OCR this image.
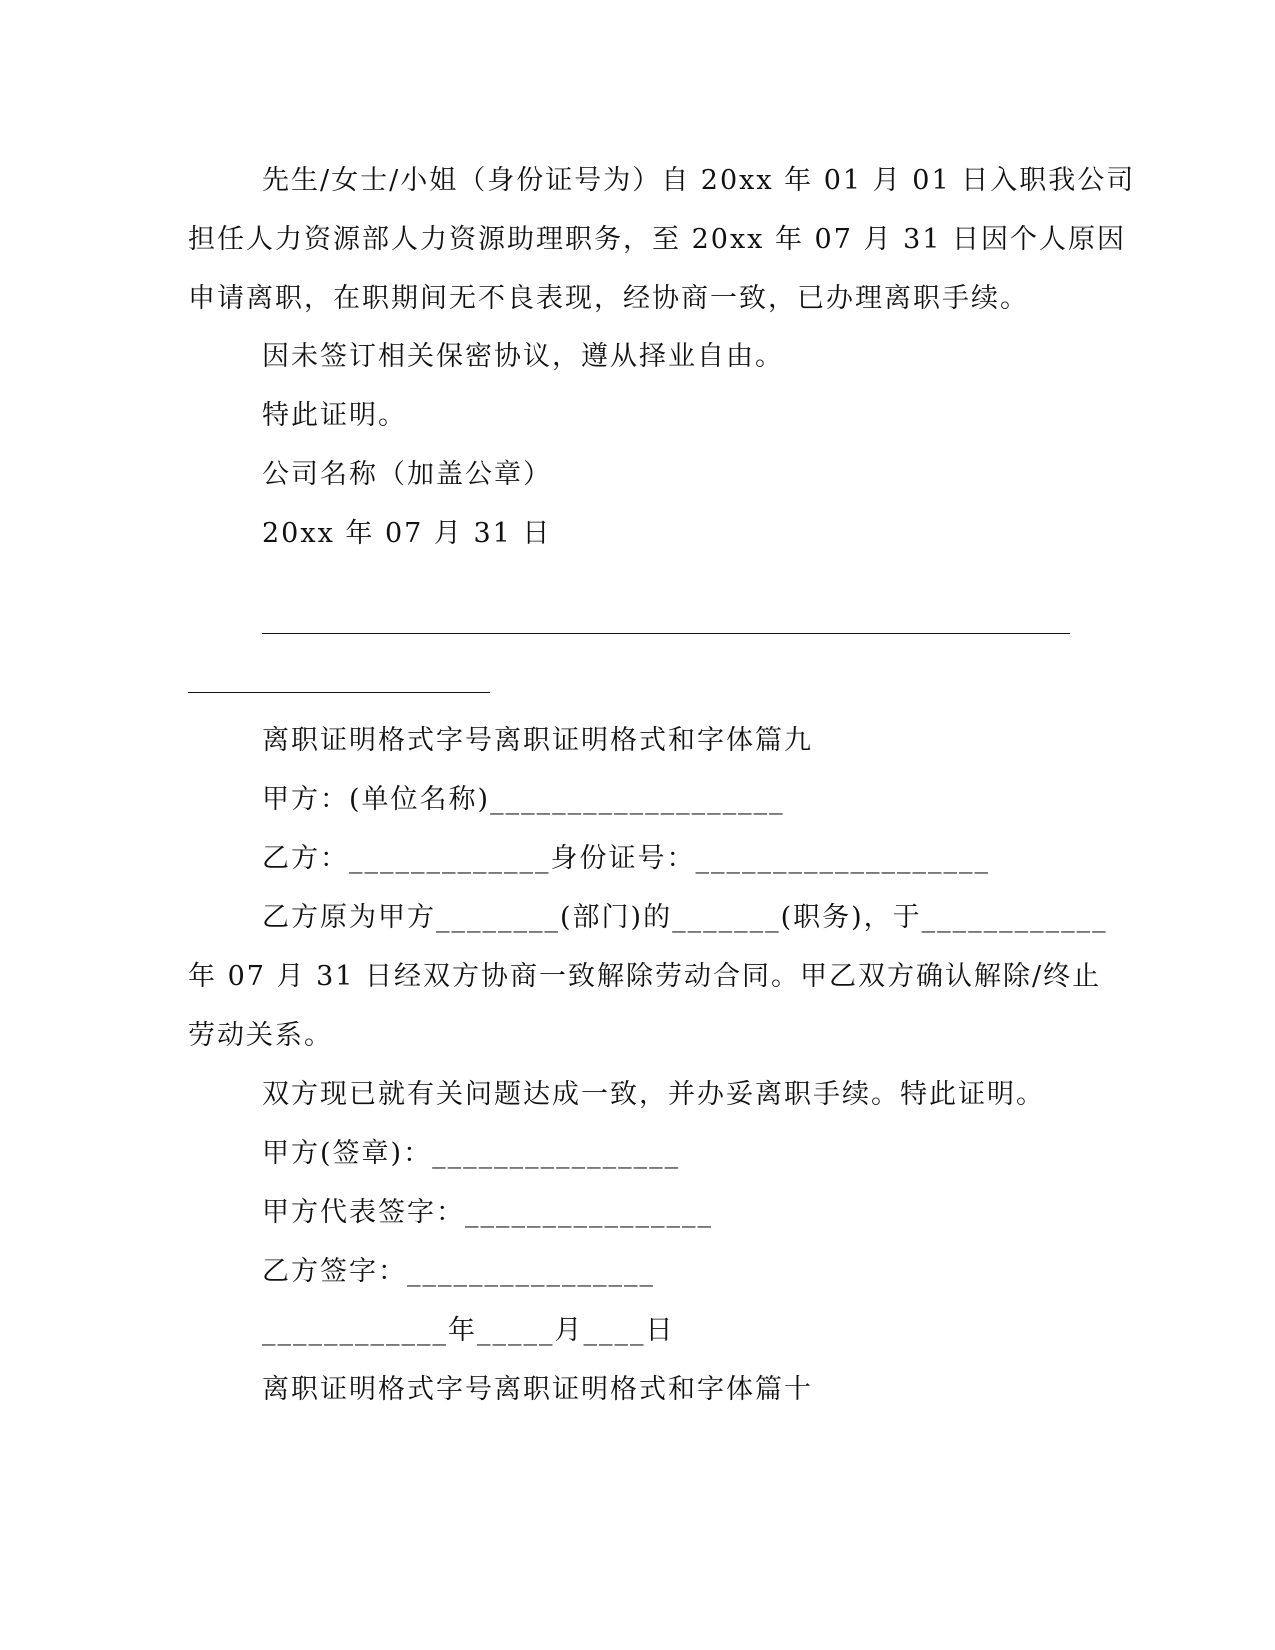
先生/女士/小姐（身份证号为）自 20xx 年 01 月 01 日入职我公司
担任人力资源部人力资源助理职务，至 20xx 年 07 月 31 日因个人原因
申请离职，在职期间无不良表现，经协商一致，已办理离职手续。
因未签订相关保密协议，遵从择业自由。
特此证明。
公司名称（加盖公章）
20xx 年 07 月 31 日
离职证明格式字号离职证明格式和字体篇九
甲方：(单位名称)___________________
乙方：_____________身份证号：___________________
乙方原为甲方________(部门)的_______(职务)，于____________
年 07 月 31 日经双方协商一致解除劳动合同。甲乙双方确认解除/终止
劳动关系。
双方现已就有关问题达成一致，并办妥离职手续。特此证明。
甲方(签章)：________________
甲方代表签字：________________
乙方签字：________________
____________年_____月____日
离职证明格式字号离职证明格式和字体篇十
